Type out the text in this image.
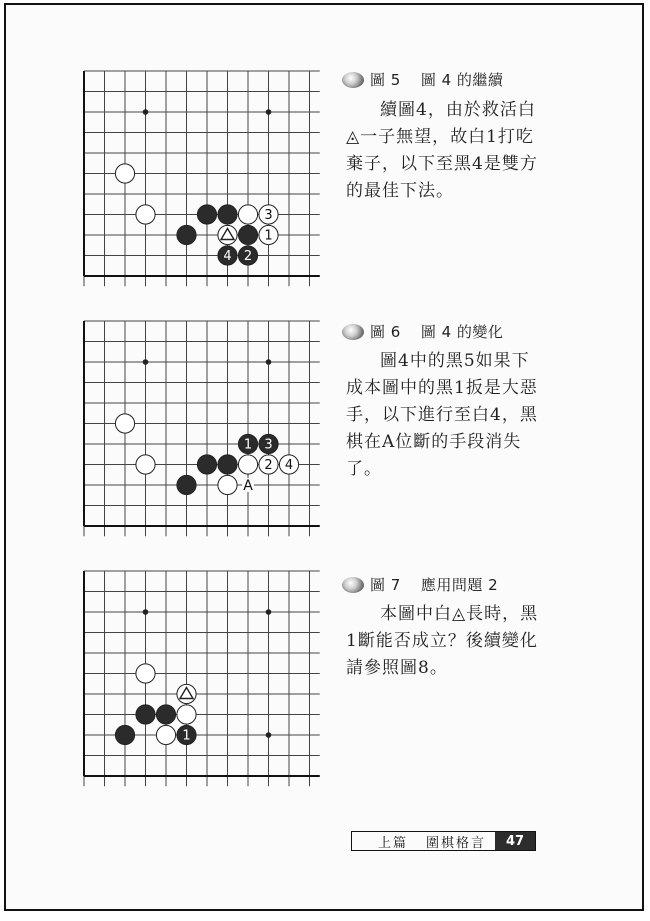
3
1
4 2
圖 5 圖 4 的繼續

續圖4，由於救活白◬一子無望，故白1打吃棄子，以下至黑4是雙方的最佳下法。

1 3
2 4
A
圖 6 圖 4 的變化

圖4中的黑5如果下成本圖中的黑1扳是大惡手，以下進行至白4，黑棋在A位斷的手段消失了。

1
圖 7 應用問題 2

本圖中白◬長時，黑1斷能否成立？後續變化請參照圖8。

上篇 圍棋格言	47
